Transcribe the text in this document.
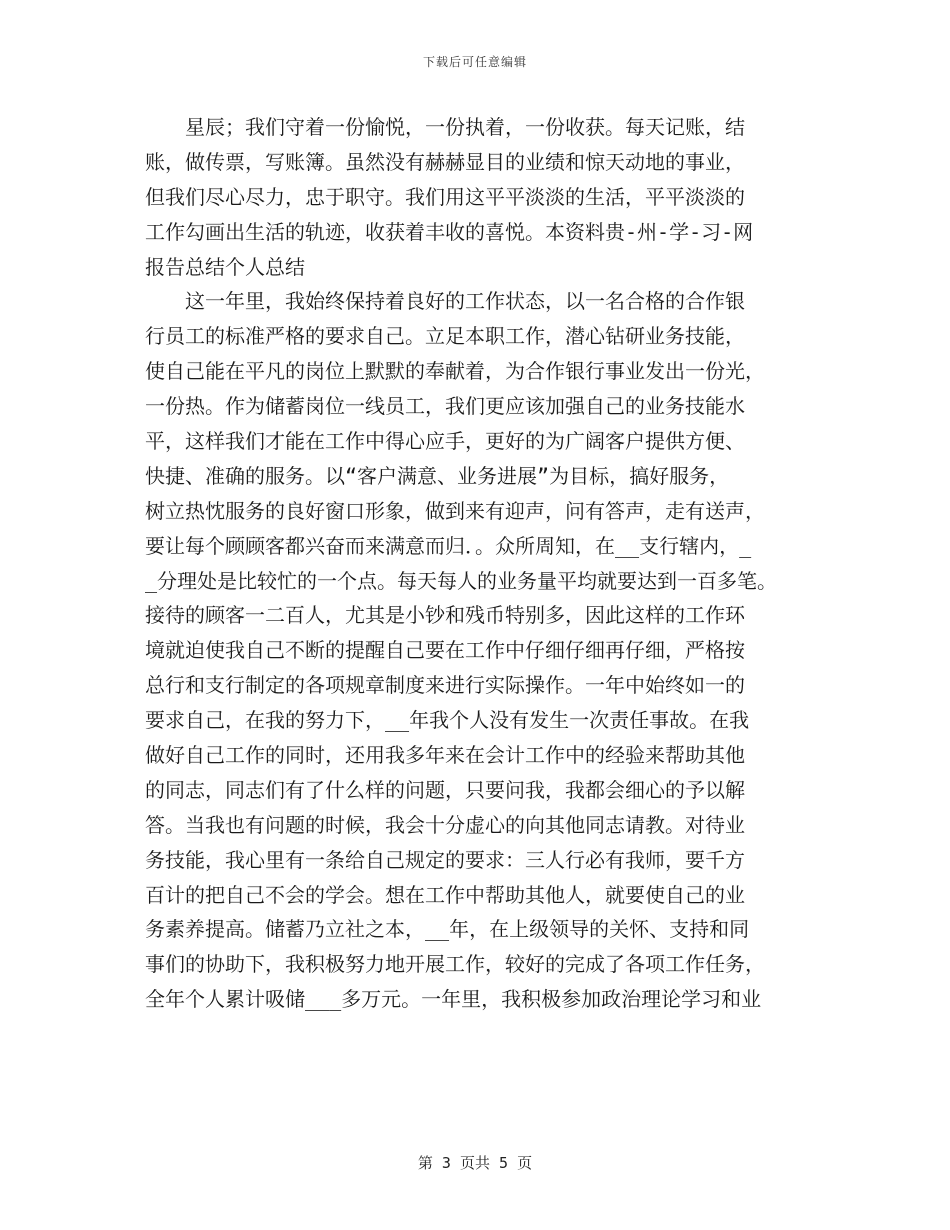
下载后可任意编辑
星辰；我们守着一份愉悦，一份执着，一份收获。每天记账，结
账，做传票，写账簿。虽然没有赫赫显目的业绩和惊天动地的事业，
但我们尽心尽力，忠于职守。我们用这平平淡淡的生活，平平淡淡的
工作勾画出生活的轨迹，收获着丰收的喜悦。本资料贵-州-学-习-网
报告总结个人总结
这一年里，我始终保持着良好的工作状态，以一名合格的合作银
行员工的标准严格的要求自己。立足本职工作，潜心钻研业务技能，
使自己能在平凡的岗位上默默的奉献着，为合作银行事业发出一份光，
一份热。作为储蓄岗位一线员工，我们更应该加强自己的业务技能水
平，这样我们才能在工作中得心应手，更好的为广阔客户提供方便、
快捷、准确的服务。以“客户满意、业务进展”为目标，搞好服务，
树立热忱服务的良好窗口形象，做到来有迎声，问有答声，走有送声，
要让每个顾顾客都兴奋而来满意而归．。众所周知，在__支行辖内，_
_分理处是比较忙的一个点。每天每人的业务量平均就要达到一百多笔。
接待的顾客一二百人，尤其是小钞和残币特别多，因此这样的工作环
境就迫使我自己不断的提醒自己要在工作中仔细仔细再仔细，严格按
总行和支行制定的各项规章制度来进行实际操作。一年中始终如一的
要求自己，在我的努力下，__年我个人没有发生一次责任事故。在我
做好自己工作的同时，还用我多年来在会计工作中的经验来帮助其他
的同志，同志们有了什么样的问题，只要问我，我都会细心的予以解
答。当我也有问题的时候，我会十分虚心的向其他同志请教。对待业
务技能，我心里有一条给自己规定的要求：三人行必有我师，要千方
百计的把自己不会的学会。想在工作中帮助其他人，就要使自己的业
务素养提高。储蓄乃立社之本，__年，在上级领导的关怀、支持和同
事们的协助下，我积极努力地开展工作，较好的完成了各项工作任务，
全年个人累计吸储___多万元。一年里，我积极参加政治理论学习和业
第 3 页共 5 页
